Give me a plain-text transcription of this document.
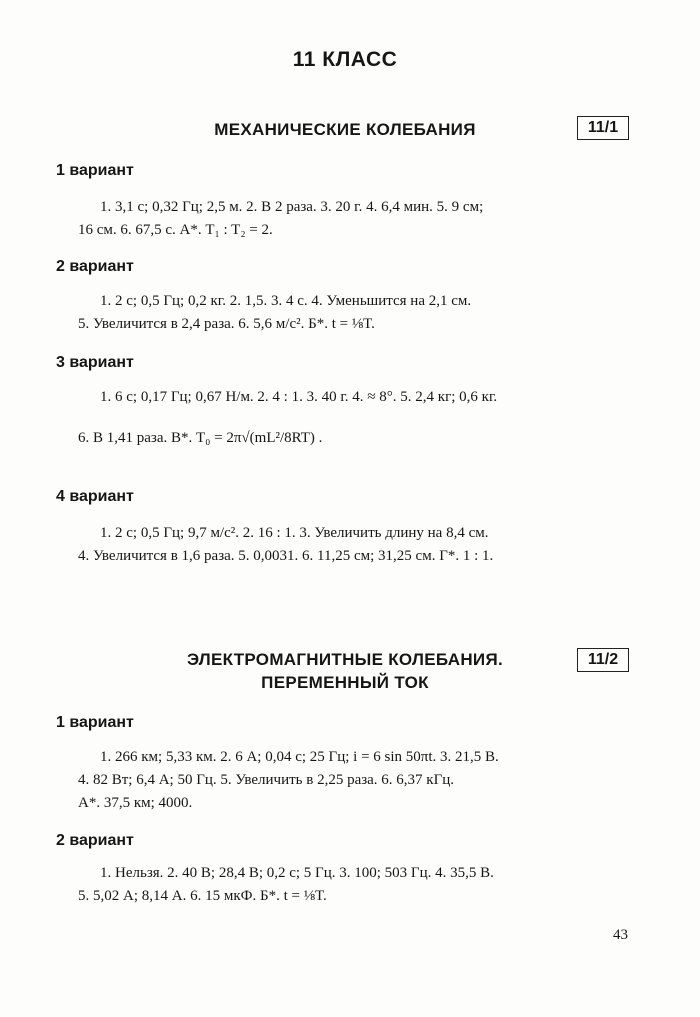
11 КЛАСС
МЕХАНИЧЕСКИЕ КОЛЕБАНИЯ	11/1
1 вариант
1. 3,1 с; 0,32 Гц; 2,5 м. 2. В 2 раза. 3. 20 г. 4. 6,4 мин. 5. 9 см;
16 см. 6. 67,5 с. А*. T₁ : T₂ = 2.
2 вариант
1. 2 с; 0,5 Гц; 0,2 кг. 2. 1,5. 3. 4 с. 4. Уменьшится на 2,1 см.
5. Увеличится в 2,4 раза. 6. 5,6 м/с². Б*. t = ⅛T.
3 вариант
1. 6 с; 0,17 Гц; 0,67 Н/м. 2. 4 : 1. 3. 40 г. 4. ≈ 8°. 5. 2,4 кг; 0,6 кг.
6. В 1,41 раза. В*. T₀ = 2π√(mL²/8RT) .
4 вариант
1. 2 с; 0,5 Гц; 9,7 м/с². 2. 16 : 1. 3. Увеличить длину на 8,4 см.
4. Увеличится в 1,6 раза. 5. 0,0031. 6. 11,25 см; 31,25 см. Г*. 1 : 1.
ЭЛЕКТРОМАГНИТНЫЕ КОЛЕБАНИЯ.
ПЕРЕМЕННЫЙ ТОК
11/2
1 вариант
1. 266 км; 5,33 км. 2. 6 А; 0,04 с; 25 Гц; i = 6 sin 50πt. 3. 21,5 В.
4. 82 Вт; 6,4 А; 50 Гц. 5. Увеличить в 2,25 раза. 6. 6,37 кГц.
А*. 37,5 км; 4000.
2 вариант
1. Нельзя. 2. 40 В; 28,4 В; 0,2 с; 5 Гц. 3. 100; 503 Гц. 4. 35,5 В.
5. 5,02 А; 8,14 А. 6. 15 мкФ. Б*. t = ⅛T.
43
